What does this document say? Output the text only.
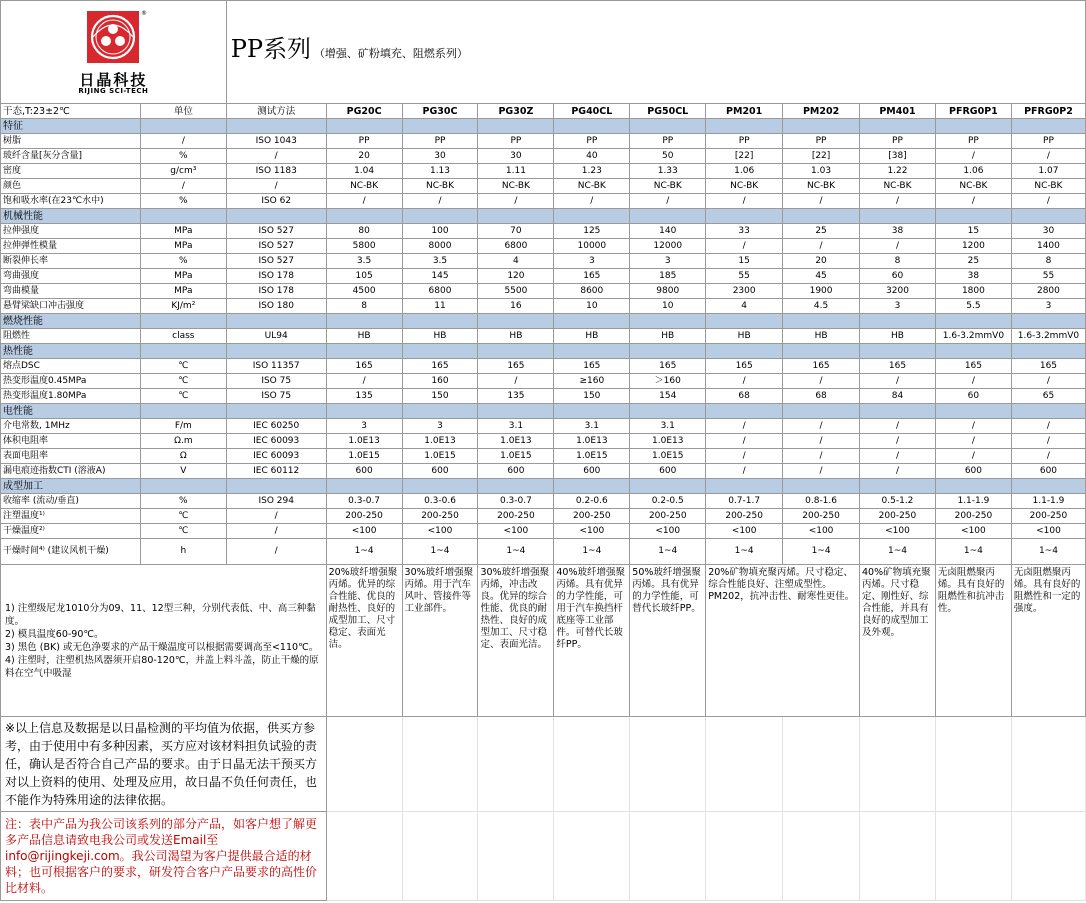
®
日晶科技
RIJING SCI-TECH		PP系列 （增强、矿粉填充、阻燃系列）										
干态,T:23±2℃	单位	测试方法	PG20C	PG30C	PG30Z	PG40CL	PG50CL	PM201	PM202	PM401	PFRG0P1	PFRG0P2
特征												
树脂	/	ISO 1043	PP	PP	PP	PP	PP	PP	PP	PP	PP	PP
玻纤含量[灰分含量]	%	/	20	30	30	40	50	[22]	[22]	[38]	/	/
密度	g/cm³	ISO 1183	1.04	1.13	1.11	1.23	1.33	1.06	1.03	1.22	1.06	1.07
颜色	/	/	NC-BK	NC-BK	NC-BK	NC-BK	NC-BK	NC-BK	NC-BK	NC-BK	NC-BK	NC-BK
饱和吸水率(在23℃水中)	%	ISO 62	/	/	/	/	/	/	/	/	/	/
机械性能												
拉伸强度	MPa	ISO 527	80	100	70	125	140	33	25	38	15	30
拉伸弹性模量	MPa	ISO 527	5800	8000	6800	10000	12000	/	/	/	1200	1400
断裂伸长率	%	ISO 527	3.5	3.5	4	3	3	15	20	8	25	8
弯曲强度	MPa	ISO 178	105	145	120	165	185	55	45	60	38	55
弯曲模量	MPa	ISO 178	4500	6800	5500	8600	9800	2300	1900	3200	1800	2800
悬臂梁缺口冲击强度	KJ/m²	ISO 180	8	11	16	10	10	4	4.5	3	5.5	3
燃烧性能												
阻燃性	class	UL94	HB	HB	HB	HB	HB	HB	HB	HB	1.6-3.2mmV0	1.6-3.2mmV0
热性能												
熔点DSC	℃	ISO 11357	165	165	165	165	165	165	165	165	165	165
热变形温度0.45MPa	℃	ISO 75	/	160	/	≥160	＞160	/	/	/	/	/
热变形温度1.80MPa	℃	ISO 75	135	150	135	150	154	68	68	84	60	65
电性能												
介电常数, 1MHz	F/m	IEC 60250	3	3	3.1	3.1	3.1	/	/	/	/	/
体积电阻率	Ω.m	IEC 60093	1.0E13	1.0E13	1.0E13	1.0E13	1.0E13	/	/	/	/	/
表面电阻率	Ω	IEC 60093	1.0E15	1.0E15	1.0E15	1.0E15	1.0E15	/	/	/	/	/
漏电痕迹指数CTI (溶液A)	V	IEC 60112	600	600	600	600	600	/	/	/	600	600
成型加工												
收缩率 (流动/垂直)	%	ISO 294	0.3-0.7	0.3-0.6	0.3-0.7	0.2-0.6	0.2-0.5	0.7-1.7	0.8-1.6	0.5-1.2	1.1-1.9	1.1-1.9
注塑温度¹⁾	℃	/	200-250	200-250	200-250	200-250	200-250	200-250	200-250	200-250	200-250	200-250
干燥温度²⁾	℃	/	<100	<100	<100	<100	<100	<100	<100	<100	<100	<100
干燥时间⁴⁾ (建议风机干燥)	h	/	1~4	1~4	1~4	1~4	1~4	1~4	1~4	1~4	1~4	1~4

1) 注塑级尼龙1010分为09、11、12型三种，分别代表低、中、高三种黏度。
2) 模具温度60-90℃。
3) 黑色 (BK) 或无色浄要求的产品干燥温度可以根据需要调高至<110℃。
4) 注塑时，注塑机热风器须开启80-120℃，并盖上料斗盖，防止干燥的原料在空气中吸湿			20%玻纤增强聚丙烯。优异的综合性能、优良的耐热性、良好的成型加工、尺寸稳定、表面光洁。	30%玻纤增强聚丙烯。用于汽车风叶、管接件等工业部件。	30%玻纤增强聚丙烯，冲击改良。优异的综合性能、优良的耐热性、良好的成型加工、尺寸稳定、表面光洁。	40%玻纤增强聚丙烯。具有优异的力学性能，可用于汽车换挡杆底座等工业部件。可替代长玻纤PP。	50%玻纤增强聚丙烯。具有优异的力学性能，可替代长玻纤PP。	20%矿物填充聚丙烯。尺寸稳定、综合性能良好、注塑成型性。PM202，抗冲击性、耐寒性更佳。		40%矿物填充聚丙烯。尺寸稳定、刚性好、综合性能，并具有良好的成型加工及外观。	无卤阻燃聚丙烯。具有良好的阻燃性和抗冲击性。	无卤阻燃聚丙烯。具有良好的阻燃性和一定的强度。
※以上信息及数据是以日晶检测的平均值为依据，供买方参考，由于使用中有多种因素，买方应对该材料担负试验的责任，确认是否符合自己产品的要求。由于日晶无法干预买方对以上资料的使用、处理及应用，故日晶不负任何责任，也不能作为特殊用途的法律依据。												
注：表中产品为我公司该系列的部分产品，如客户想了解更多产品信息请致电我公司或发送Email至info@rijingkeji.com。我公司渴望为客户提供最合适的材料；也可根据客户的要求，研发符合客户产品要求的高性价比材料。												
